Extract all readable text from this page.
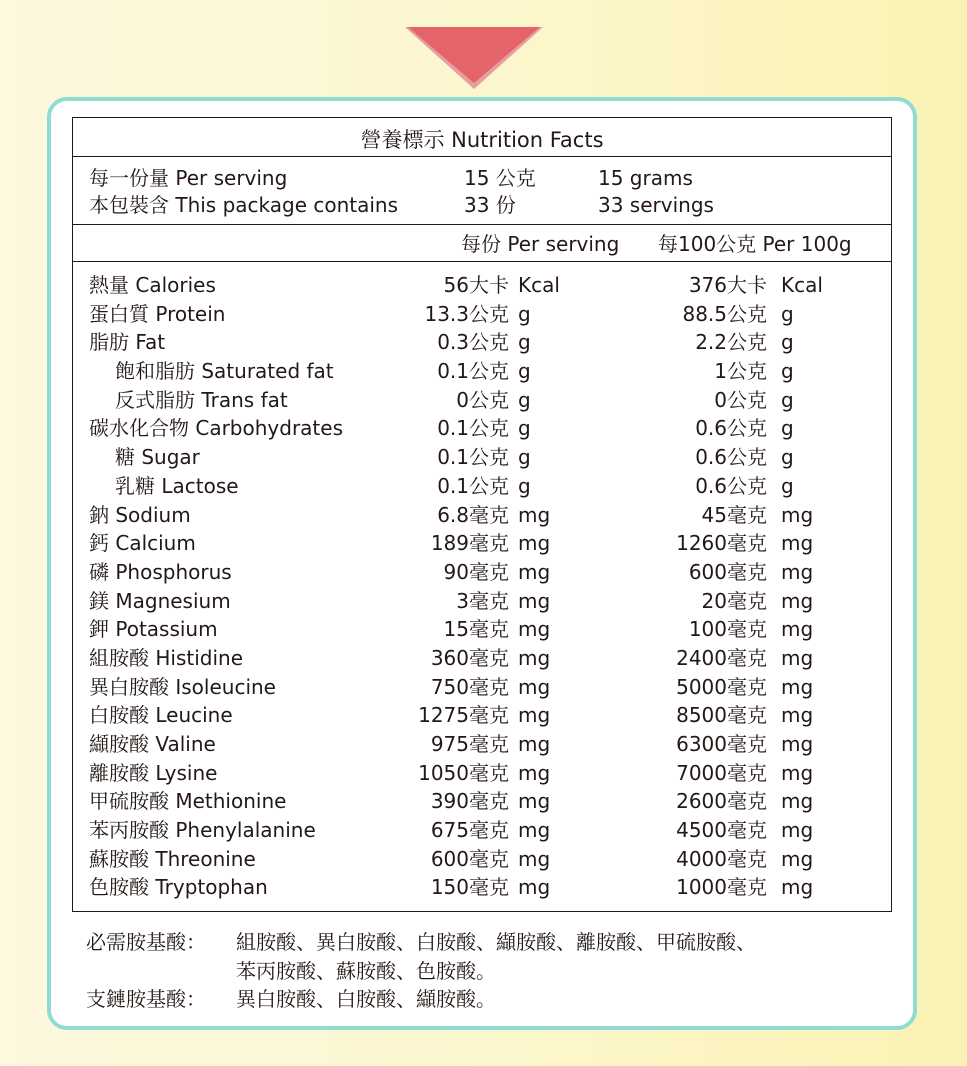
營養標示 Nutrition Facts
每一份量 Per serving	15 公克	15 grams
本包裝含 This package contains	33 份	33 servings
每份 Per serving 每100公克 Per 100g
熱量 Calories	56大卡 Kcal	376大卡 Kcal
蛋白質 Protein	13.3公克 g	88.5公克 g
脂肪 Fat	0.3公克 g	2.2公克 g
飽和脂肪 Saturated fat	0.1公克 g	1公克 g
反式脂肪 Trans fat	0公克 g	0公克 g
碳水化合物 Carbohydrates	0.1公克 g	0.6公克 g
糖 Sugar	0.1公克 g	0.6公克 g
乳糖 Lactose	0.1公克 g	0.6公克 g
鈉 Sodium	6.8毫克 mg	45毫克 mg
鈣 Calcium	189毫克 mg	1260毫克 mg
磷 Phosphorus	90毫克 mg	600毫克 mg
鎂 Magnesium	3毫克 mg	20毫克 mg
鉀 Potassium	15毫克 mg	100毫克 mg
組胺酸 Histidine	360毫克 mg	2400毫克 mg
異白胺酸 Isoleucine	750毫克 mg	5000毫克 mg
白胺酸 Leucine	1275毫克 mg	8500毫克 mg
纈胺酸 Valine	975毫克 mg	6300毫克 mg
離胺酸 Lysine	1050毫克 mg	7000毫克 mg
甲硫胺酸 Methionine	390毫克 mg	2600毫克 mg
苯丙胺酸 Phenylalanine	675毫克 mg	4500毫克 mg
蘇胺酸 Threonine	600毫克 mg	4000毫克 mg
色胺酸 Tryptophan	150毫克 mg	1000毫克 mg
必需胺基酸： 組胺酸、異白胺酸、白胺酸、纈胺酸、離胺酸、甲硫胺酸、
苯丙胺酸、蘇胺酸、色胺酸。
支鏈胺基酸： 異白胺酸、白胺酸、纈胺酸。
